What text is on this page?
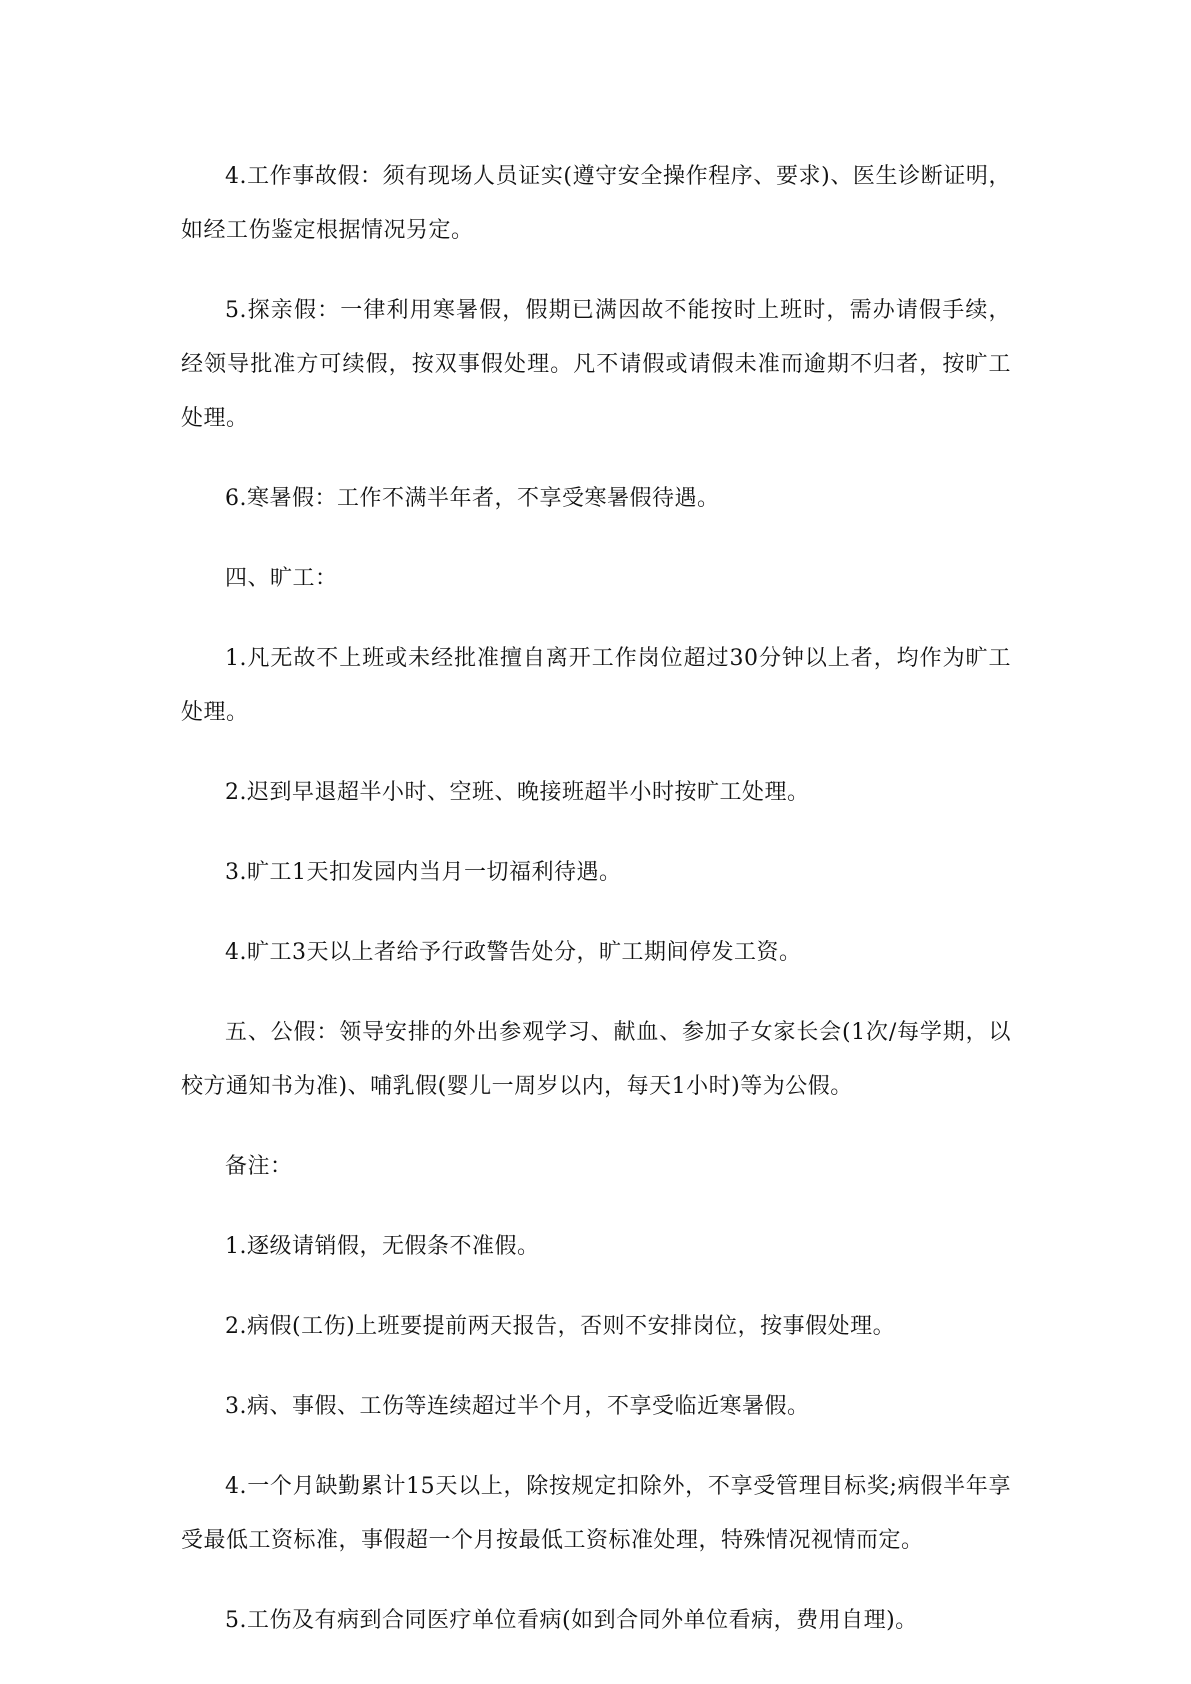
4.工作事故假：须有现场人员证实(遵守安全操作程序、要求)、医生诊断证明，如经工伤鉴定根据情况另定。

5.探亲假：一律利用寒暑假，假期已满因故不能按时上班时，需办请假手续，经领导批准方可续假，按双事假处理。凡不请假或请假未准而逾期不归者，按旷工处理。

6.寒暑假：工作不满半年者，不享受寒暑假待遇。

四、旷工：

1.凡无故不上班或未经批准擅自离开工作岗位超过30分钟以上者，均作为旷工处理。

2.迟到早退超半小时、空班、晚接班超半小时按旷工处理。

3.旷工1天扣发园内当月一切福利待遇。

4.旷工3天以上者给予行政警告处分，旷工期间停发工资。

五、公假：领导安排的外出参观学习、献血、参加子女家长会(1次/每学期，以校方通知书为准)、哺乳假(婴儿一周岁以内，每天1小时)等为公假。

备注：

1.逐级请销假，无假条不准假。

2.病假(工伤)上班要提前两天报告，否则不安排岗位，按事假处理。

3.病、事假、工伤等连续超过半个月，不享受临近寒暑假。

4.一个月缺勤累计15天以上，除按规定扣除外，不享受管理目标奖;病假半年享受最低工资标准，事假超一个月按最低工资标准处理，特殊情况视情而定。

5.工伤及有病到合同医疗单位看病(如到合同外单位看病，费用自理)。
